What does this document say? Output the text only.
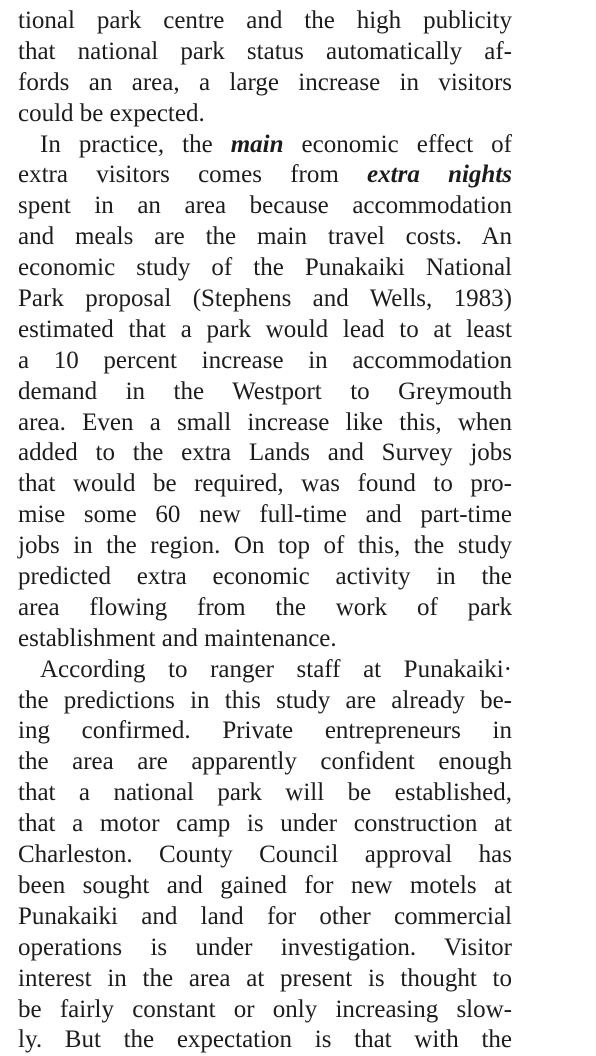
tional park centre and the high publicity
that national park status automatically af-
fords an area, a large increase in visitors
could be expected.
In practice, the main economic effect of
extra visitors comes from extra nights
spent in an area because accommodation
and meals are the main travel costs. An
economic study of the Punakaiki National
Park proposal (Stephens and Wells, 1983)
estimated that a park would lead to at least
a 10 percent increase in accommodation
demand in the Westport to Greymouth
area. Even a small increase like this, when
added to the extra Lands and Survey jobs
that would be required, was found to pro-
mise some 60 new full-time and part-time
jobs in the region. On top of this, the study
predicted extra economic activity in the
area flowing from the work of park
establishment and maintenance.
According to ranger staff at Punakaiki·
the predictions in this study are already be-
ing confirmed. Private entrepreneurs in
the area are apparently confident enough
that a national park will be established,
that a motor camp is under construction at
Charleston. County Council approval has
been sought and gained for new motels at
Punakaiki and land for other commercial
operations is under investigation. Visitor
interest in the area at present is thought to
be fairly constant or only increasing slow-
ly. But the expectation is that with the
